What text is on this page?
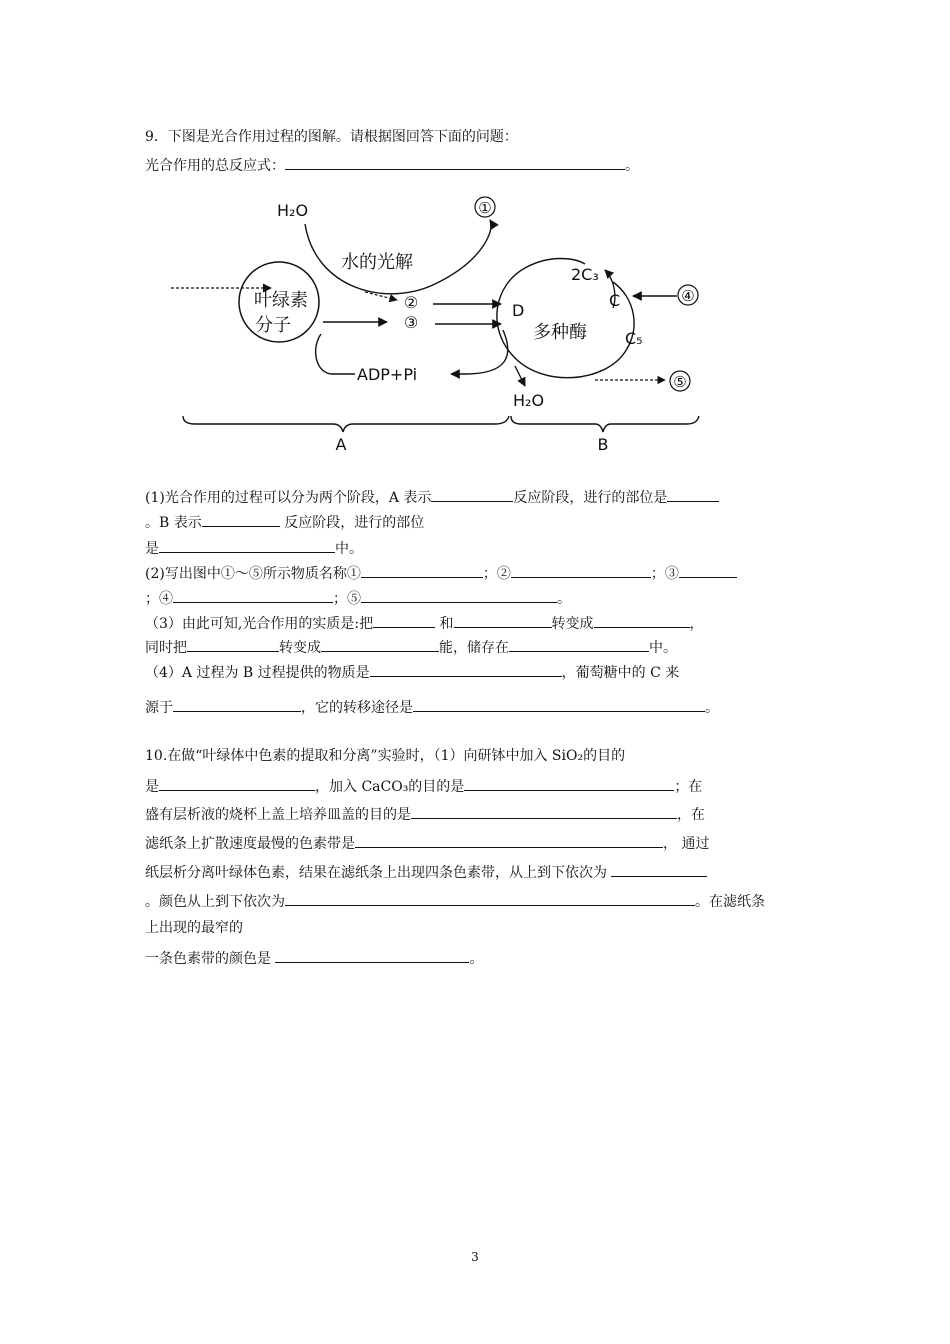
9．下图是光合作用过程的图解。请根据图回答下面的问题：
光合作用的总反应式：	。
叶绿素
分子
H₂O	①
水的光解
②
③
ADP+Pi
D
多种酶
2C₃
C	④
C₅
⑤
H₂O
A	B
(1)光合作用的过程可以分为两个阶段，A 表示	反应阶段，进行的部位是
。B 表示	反应阶段，进行的部位
是	中。
(2)写出图中①～⑤所示物质名称①	；②	；③
；④	；⑤	。
（3）由此可知,光合作用的实质是:把	和	转变成	，
同时把	转变成	能，储存在	中。
（4）A 过程为 B 过程提供的物质是	，葡萄糖中的 C 来
源于	，它的转移途径是	。
10.在做“叶绿体中色素的提取和分离”实验时，（1）向研钵中加入 SiO₂的目的
是	，加入 CaCO₃的目的是	；在
盛有层析液的烧杯上盖上培养皿盖的目的是	，在
滤纸条上扩散速度最慢的色素带是	， 通过
纸层析分离叶绿体色素，结果在滤纸条上出现四条色素带，从上到下依次为
。颜色从上到下依次为	。在滤纸条
上出现的最窄的
一条色素带的颜色是	。
3
